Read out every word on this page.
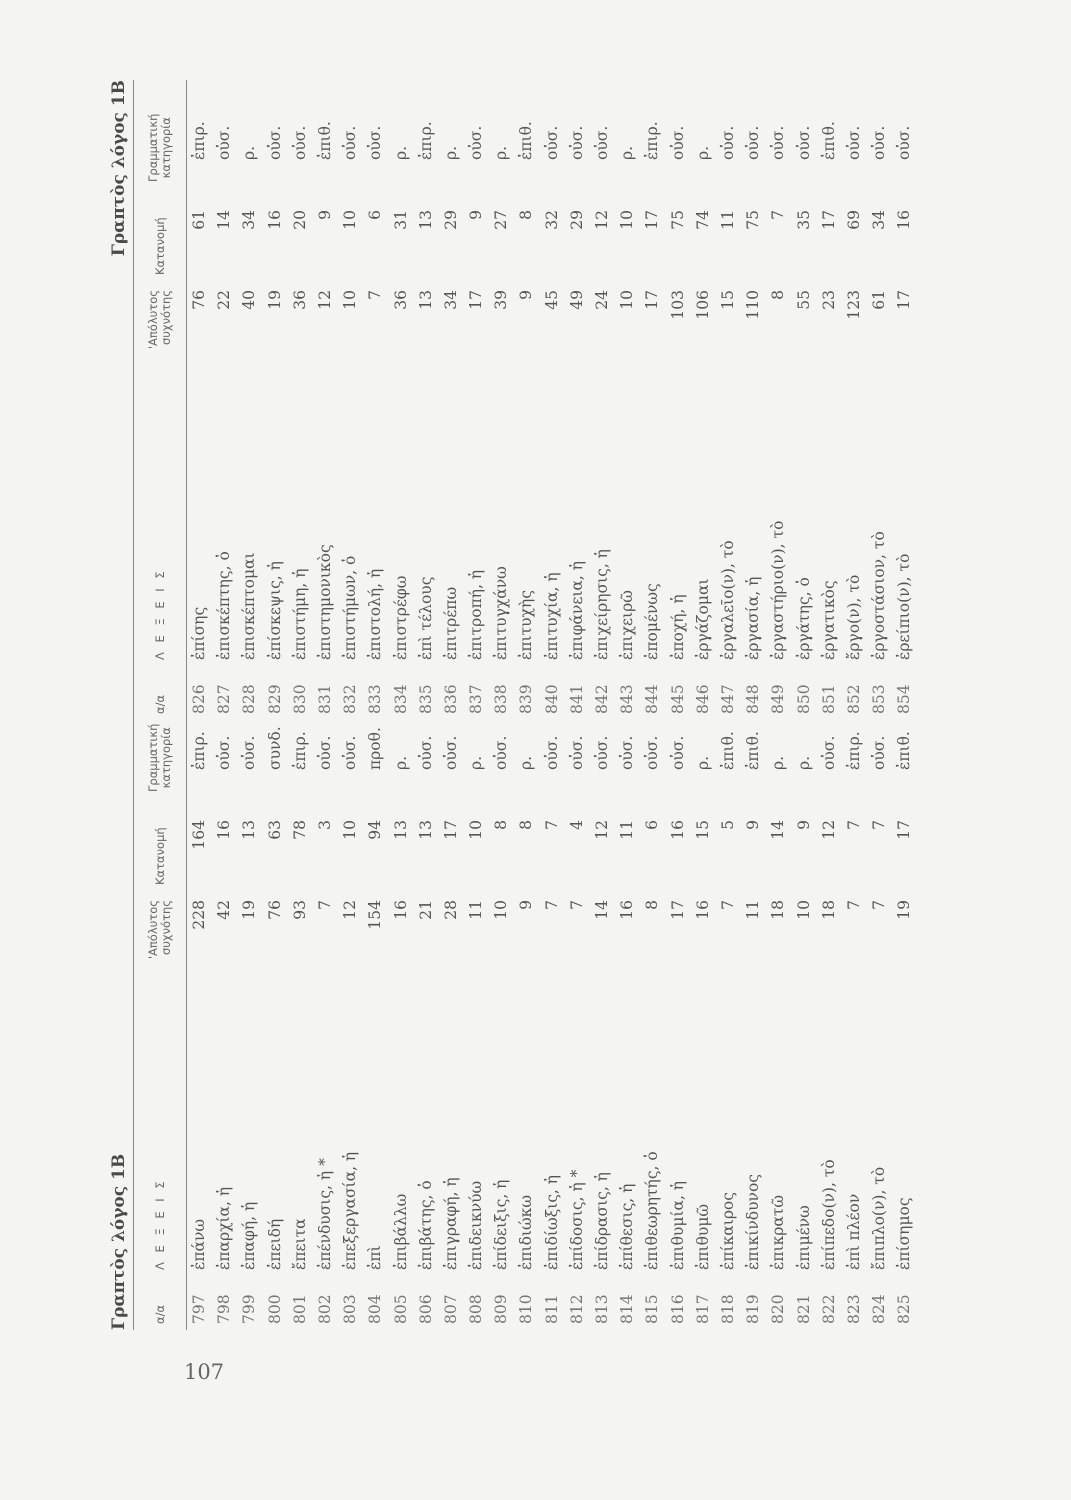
107
Γραπτὸς λόγος 1Β	α/α
Λ Ε Ξ Ε Ι Σ
'Απόλυτος
συχνότης
Κατανομή
Γραμματική
κατηγορία
797
ἐπάνω
228
164
ἐπιρ.
798
ἐπαρχία, ἡ
42
16
οὐσ.
799
ἐπαφή, ἡ
19
13
οὐσ.
800
ἐπειδή
76
63
συνδ.
801
ἔπειτα
93
78
ἐπιρ.
802
ἐπένδυσις, ἡ *
7
3
οὐσ.
803
ἐπεξεργασία, ἡ
12
10
οὐσ.
804
ἐπὶ
154
94
προθ.
805
ἐπιβάλλω
16
13
ρ.
806
ἐπιβάτης, ὁ
21
13
οὐσ.
807
ἐπιγραφή, ἡ
28
17
οὐσ.
808
ἐπιδεικνύω
11
10
ρ.
809
ἐπίδειξις, ἡ
10
8
οὐσ.
810
ἐπιδιώκω
9
8
ρ.
811
ἐπιδίωξις, ἡ
7
7
οὐσ.
812
ἐπίδοσις, ἡ *
7
4
οὐσ.
813
ἐπίδρασις, ἡ
14
12
οὐσ.
814
ἐπίθεσις, ἡ
16
11
οὐσ.
815
ἐπιθεωρητής, ὁ
8
6
οὐσ.
816
ἐπιθυμία, ἡ
17
16
οὐσ.
817
ἐπιθυμῶ
16
15
ρ.
818
ἐπίκαιρος
7
5
ἐπιθ.
819
ἐπικίνδυνος
11
9
ἐπιθ.
820
ἐπικρατῶ
18
14
ρ.
821
ἐπιμένω
10
9
ρ.
822
ἐπίπεδο(ν), τὸ
18
12
οὐσ.
823
ἐπὶ πλέον
7
7
ἐπιρ.
824
ἔπιπλο(ν), τὸ
7
7
οὐσ.
825
ἐπίσημος
19
17
ἐπιθ.
Γραπτὸς λόγος 1Β
α/α
Λ Ε Ξ Ε Ι Σ
'Απόλυτος
συχνότης
Κατανομή
Γραμματική
κατηγορία
826
ἐπίσης
76
61
ἐπιρ.
827
ἐπισκέπτης, ὁ
22
14
οὐσ.
828
ἐπισκέπτομαι
40
34
ρ.
829
ἐπίσκεψις, ἡ
19
16
οὐσ.
830
ἐπιστήμη, ἡ
36
20
οὐσ.
831
ἐπιστημονικὸς
12
9
ἐπιθ.
832
ἐπιστήμων, ὁ
10
10
οὐσ.
833
ἐπιστολή, ἡ
7
6
οὐσ.
834
ἐπιστρέφω
36
31
ρ.
835
ἐπὶ τέλους
13
13
ἐπιρ.
836
ἐπιτρέπω
34
29
ρ.
837
ἐπιτροπή, ἡ
17
9
οὐσ.
838
ἐπιτυγχάνω
39
27
ρ.
839
ἐπιτυχὴς
9
8
ἐπιθ.
840
ἐπιτυχία, ἡ
45
32
οὐσ.
841
ἐπιφάνεια, ἡ
49
29
οὐσ.
842
ἐπιχείρησις, ἡ
24
12
οὐσ.
843
ἐπιχειρῶ
10
10
ρ.
844
ἑπομένως
17
17
ἐπιρ.
845
ἐποχή, ἡ
103
75
οὐσ.
846
ἐργάζομαι
106
74
ρ.
847
ἐργαλεῖο(ν), τὸ
15
11
οὐσ.
848
ἐργασία, ἡ
110
75
οὐσ.
849
ἐργαστήριο(ν), τὸ
8
7
οὐσ.
850
ἐργάτης, ὁ
55
35
οὐσ.
851
ἐργατικὸς
23
17
ἐπιθ.
852
ἔργο(ν), τὸ
123
69
οὐσ.
853
ἐργοστάσιον, τὸ
61
34
οὐσ.
854
ἐρείπιο(ν), τὸ
17
16
οὐσ.
